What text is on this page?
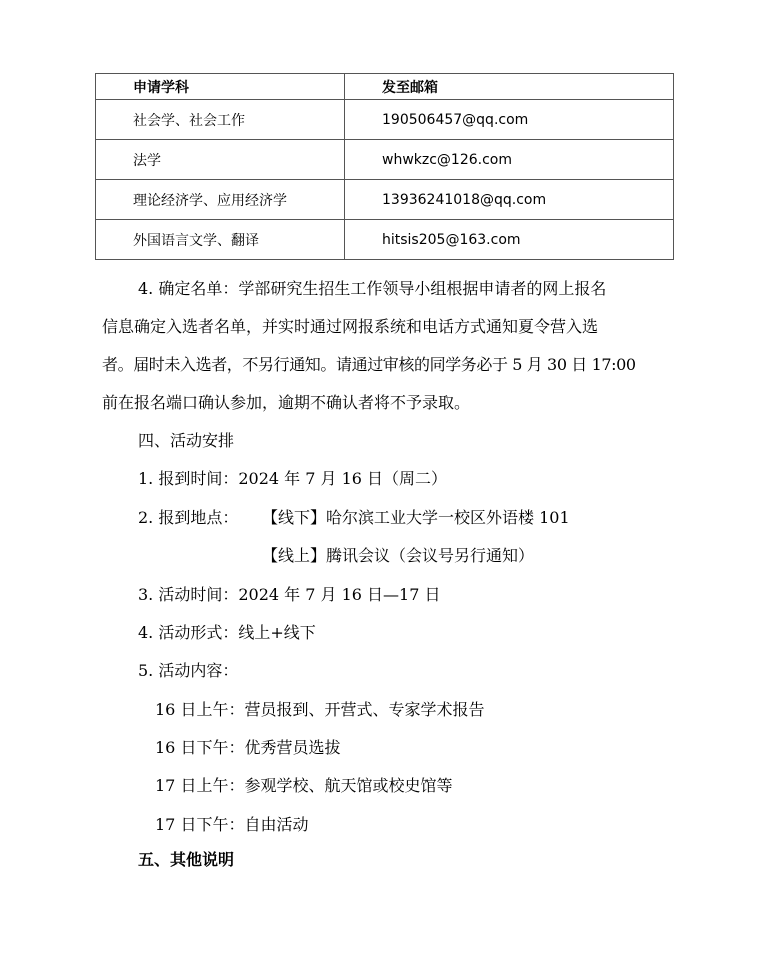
申请学科	发至邮箱
社会学、社会工作	190506457@qq.com
法学	whwkzc@126.com
理论经济学、应用经济学	13936241018@qq.com
外国语言文学、翻译	hitsis205@163.com

4. 确定名单：学部研究生招生工作领导小组根据申请者的网上报名

信息确定入选者名单，并实时通过网报系统和电话方式通知夏令营入选

者。届时未入选者，不另行通知。请通过审核的同学务必于 5 月 30 日 17:00

前在报名端口确认参加，逾期不确认者将不予录取。

四、活动安排

1. 报到时间：2024 年 7 月 16 日（周二）

2. 报到地点： 【线下】哈尔滨工业大学一校区外语楼 101

【线上】腾讯会议（会议号另行通知）

3. 活动时间：2024 年 7 月 16 日—17 日

4. 活动形式：线上+线下

5. 活动内容：

16 日上午：营员报到、开营式、专家学术报告

16 日下午：优秀营员选拔

17 日上午：参观学校、航天馆或校史馆等

17 日下午：自由活动

五、其他说明
